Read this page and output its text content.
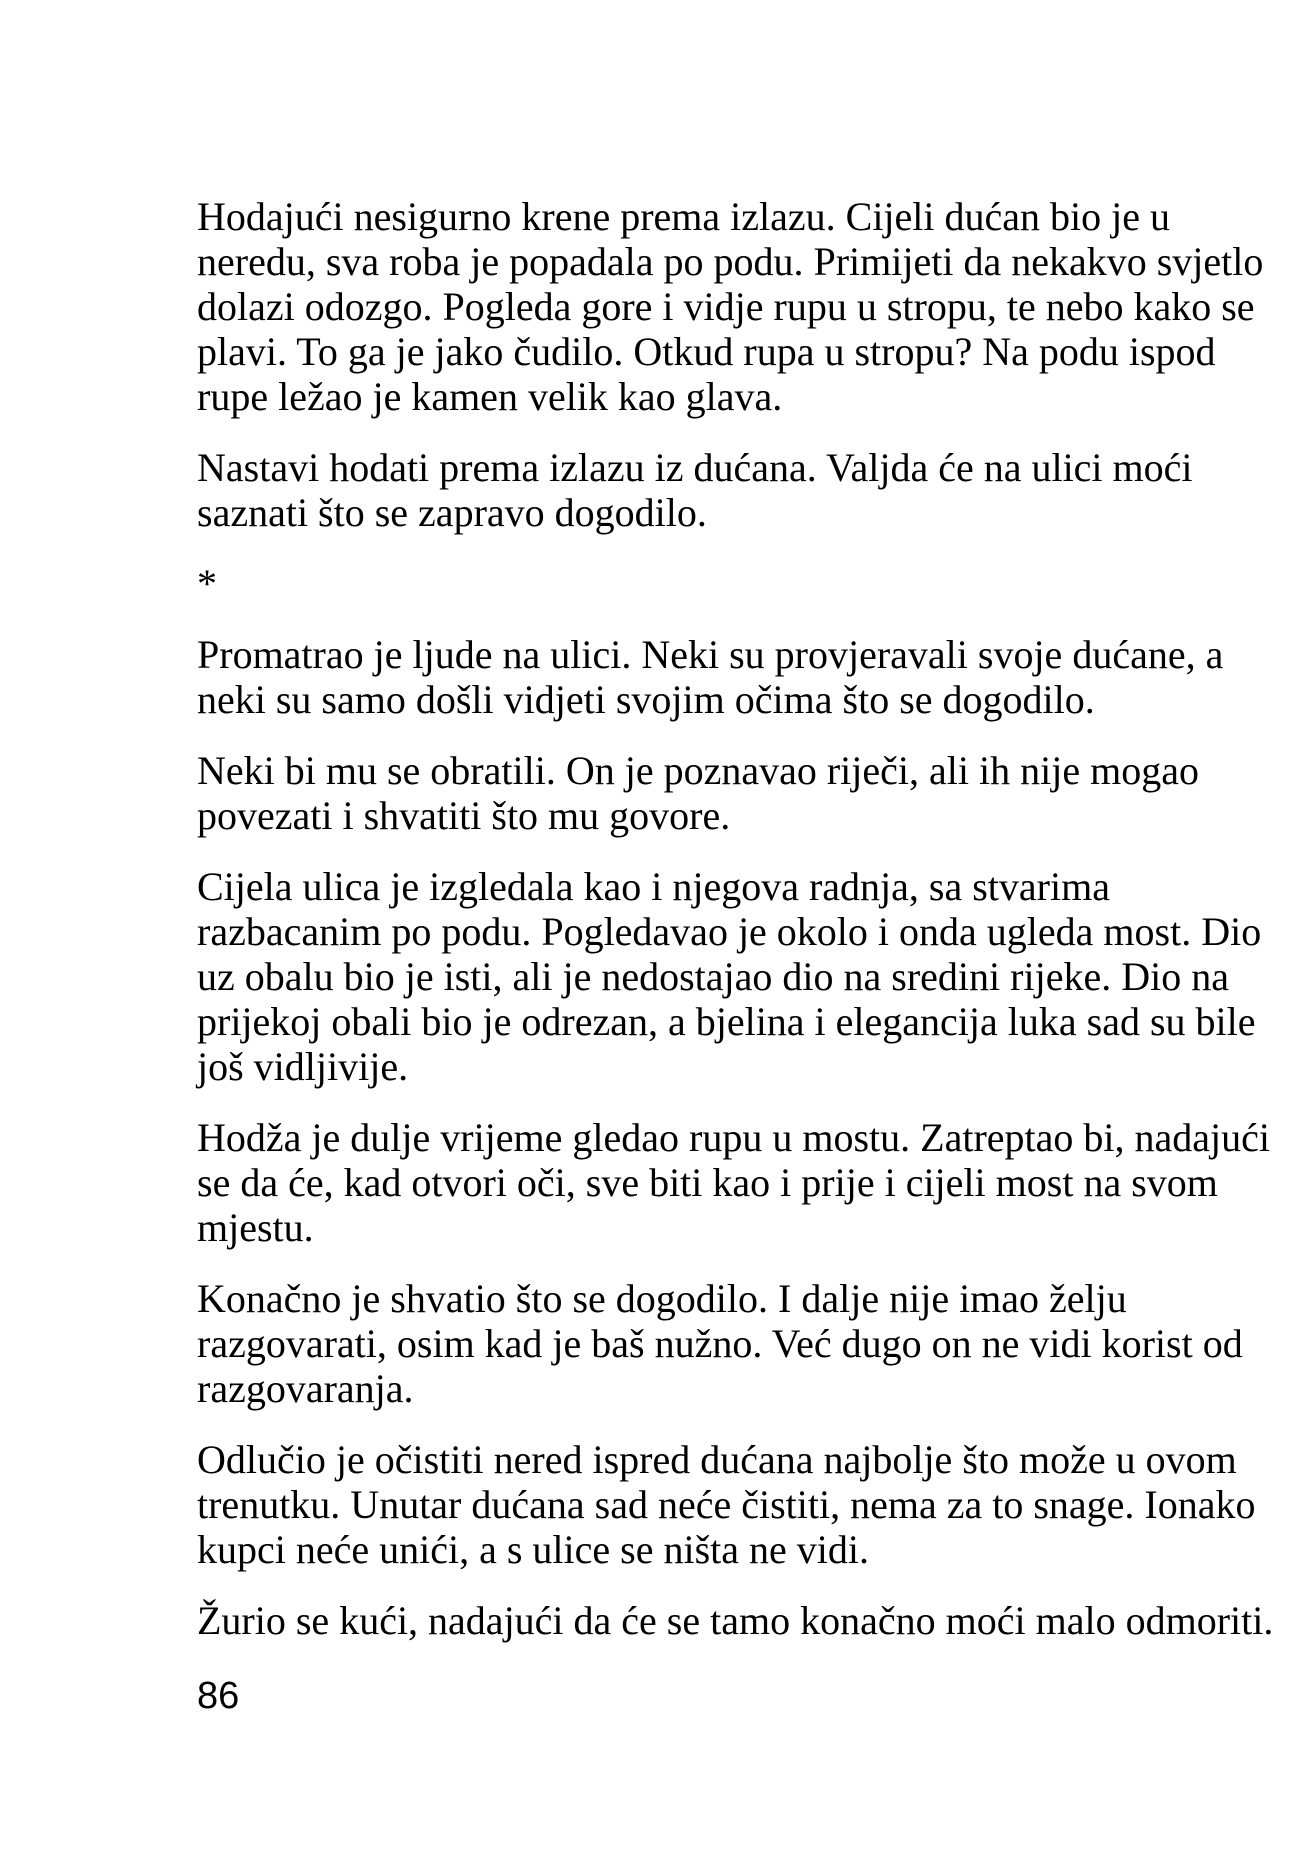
Hodajući nesigurno krene prema izlazu. Cijeli dućan bio je u
neredu, sva roba je popadala po podu. Primijeti da nekakvo svjetlo
dolazi odozgo. Pogleda gore i vidje rupu u stropu, te nebo kako se
plavi. To ga je jako čudilo. Otkud rupa u stropu? Na podu ispod
rupe ležao je kamen velik kao glava.

Nastavi hodati prema izlazu iz dućana. Valjda će na ulici moći
saznati što se zapravo dogodilo.

*

Promatrao je ljude na ulici. Neki su provjeravali svoje dućane, a
neki su samo došli vidjeti svojim očima što se dogodilo.

Neki bi mu se obratili. On je poznavao riječi, ali ih nije mogao
povezati i shvatiti što mu govore.

Cijela ulica je izgledala kao i njegova radnja, sa stvarima
razbacanim po podu. Pogledavao je okolo i onda ugleda most. Dio
uz obalu bio je isti, ali je nedostajao dio na sredini rijeke. Dio na
prijekoj obali bio je odrezan, a bjelina i elegancija luka sad su bile
još vidljivije.

Hodža je dulje vrijeme gledao rupu u mostu. Zatreptao bi, nadajući
se da će, kad otvori oči, sve biti kao i prije i cijeli most na svom
mjestu.

Konačno je shvatio što se dogodilo. I dalje nije imao želju
razgovarati, osim kad je baš nužno. Već dugo on ne vidi korist od
razgovaranja.

Odlučio je očistiti nered ispred dućana najbolje što može u ovom
trenutku. Unutar dućana sad neće čistiti, nema za to snage. Ionako
kupci neće unići, a s ulice se ništa ne vidi.

Žurio se kući, nadajući da će se tamo konačno moći malo odmoriti.

86
